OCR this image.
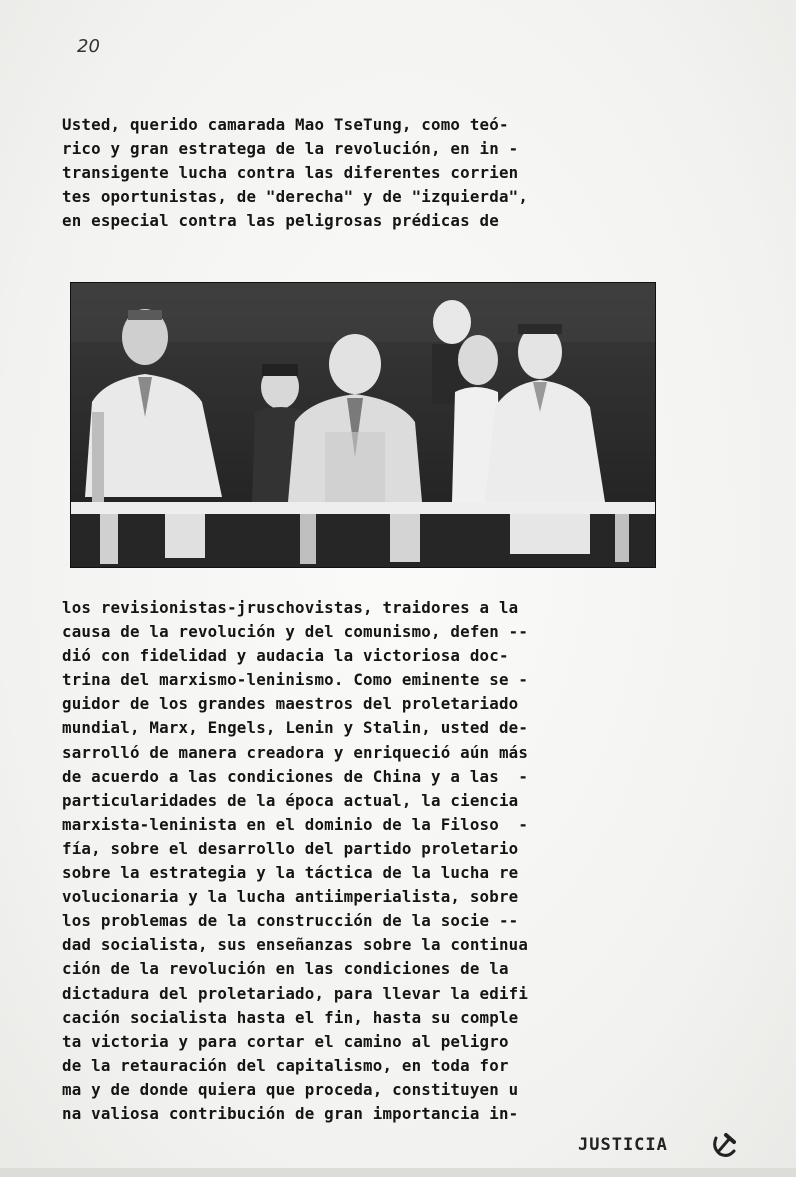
20
Usted, querido camarada Mao TseTung, como teó-
rico y gran estratega de la revolución, en in -
transigente lucha contra las diferentes corrien
tes oportunistas, de "derecha" y de "izquierda",
en especial contra las peligrosas prédicas de
los revisionistas-jruschovistas, traidores a la
causa de la revolución y del comunismo, defen --
dió con fidelidad y audacia la victoriosa doc-
trina del marxismo-leninismo. Como eminente se -
guidor de los grandes maestros del proletariado
mundial, Marx, Engels, Lenin y Stalin, usted de-
sarrolló de manera creadora y enriqueció aún más
de acuerdo a las condiciones de China y a las  -
particularidades de la época actual, la ciencia
marxista-leninista en el dominio de la Filoso  -
fía, sobre el desarrollo del partido proletario
sobre la estrategia y la táctica de la lucha re
volucionaria y la lucha antiimperialista, sobre
los problemas de la construcción de la socie --
dad socialista, sus enseñanzas sobre la continua
ción de la revolución en las condiciones de la
dictadura del proletariado, para llevar la edifi
cación socialista hasta el fin, hasta su comple
ta victoria y para cortar el camino al peligro
de la retauración del capitalismo, en toda for
ma y de donde quiera que proceda, constituyen u
na valiosa contribución de gran importancia in-
JUSTICIA
